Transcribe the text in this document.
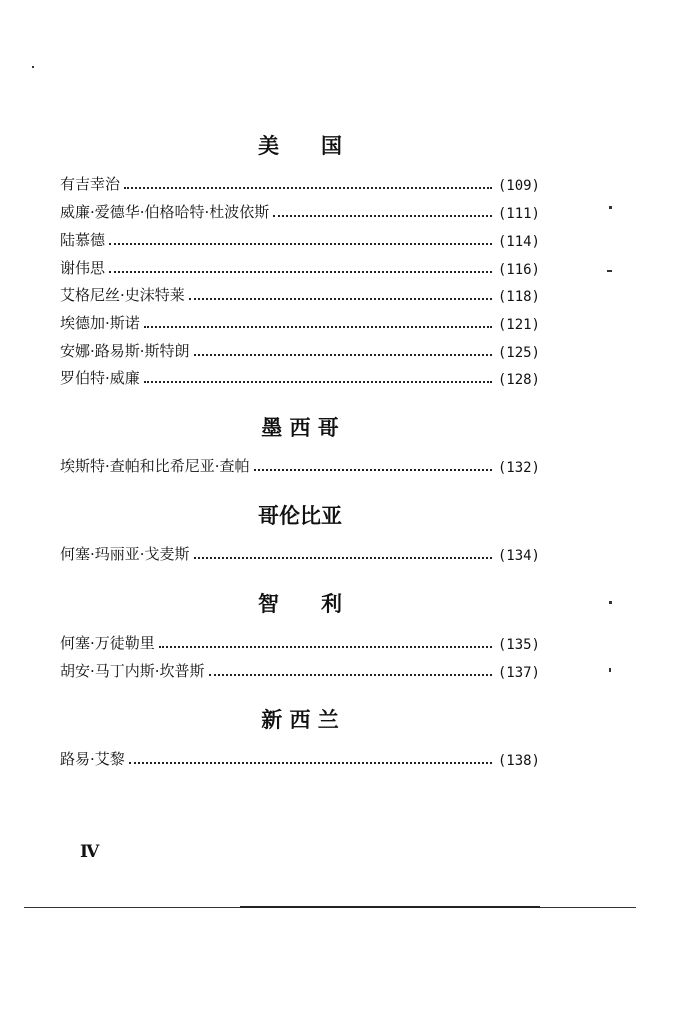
美　　国
有吉幸治	(109)
威廉·爱德华·伯格哈特·杜波依斯	(111)
陆慕德	(114)
谢伟思	(116)
艾格尼丝·史沫特莱	(118)
埃德加·斯诺	(121)
安娜·路易斯·斯特朗	(125)
罗伯特·威廉	(128)
墨 西 哥
埃斯特·查帕和比希尼亚·查帕	(132)
哥伦比亚
何塞·玛丽亚·戈麦斯	(134)
智　　利
何塞·万徒勒里	(135)
胡安·马丁内斯·坎普斯	(137)
新 西 兰
路易·艾黎	(138)
Ⅳ
